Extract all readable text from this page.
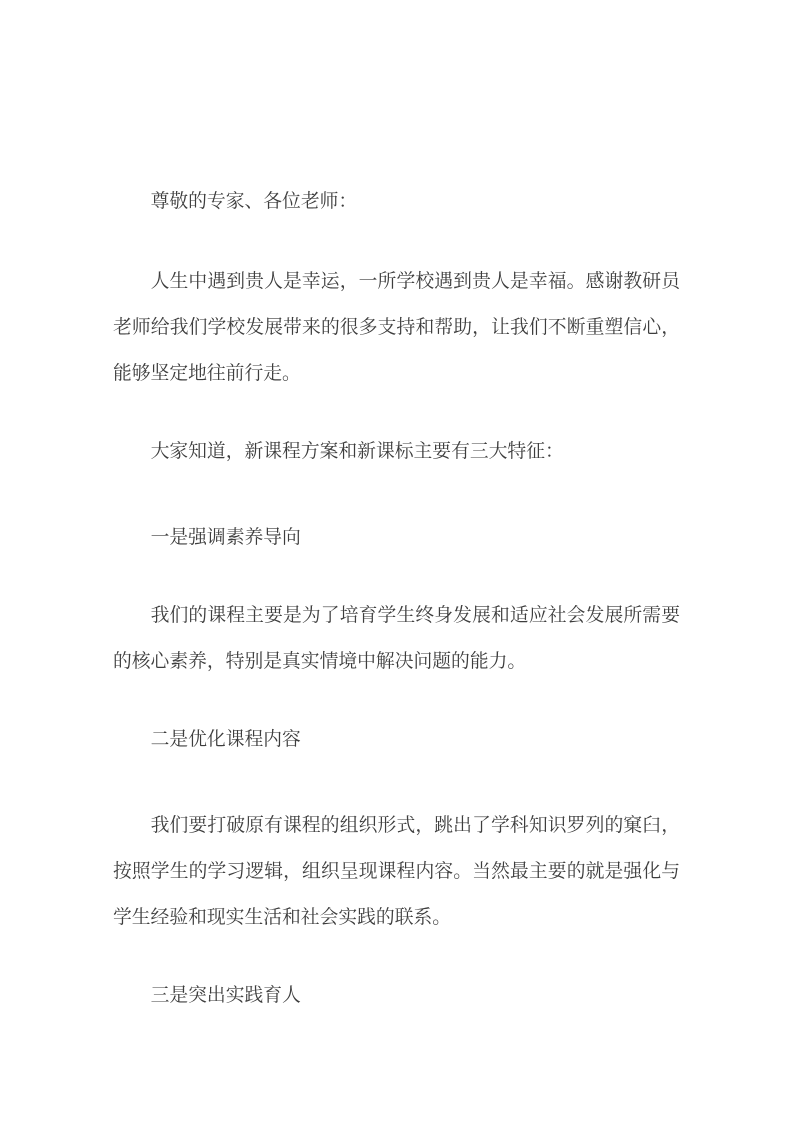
尊敬的专家、各位老师：

人生中遇到贵人是幸运，一所学校遇到贵人是幸福。感谢教研员老师给我们学校发展带来的很多支持和帮助，让我们不断重塑信心，能够坚定地往前行走。

大家知道，新课程方案和新课标主要有三大特征：

一是强调素养导向

我们的课程主要是为了培育学生终身发展和适应社会发展所需要的核心素养，特别是真实情境中解决问题的能力。

二是优化课程内容

我们要打破原有课程的组织形式，跳出了学科知识罗列的窠臼，按照学生的学习逻辑，组织呈现课程内容。当然最主要的就是强化与学生经验和现实生活和社会实践的联系。

三是突出实践育人
